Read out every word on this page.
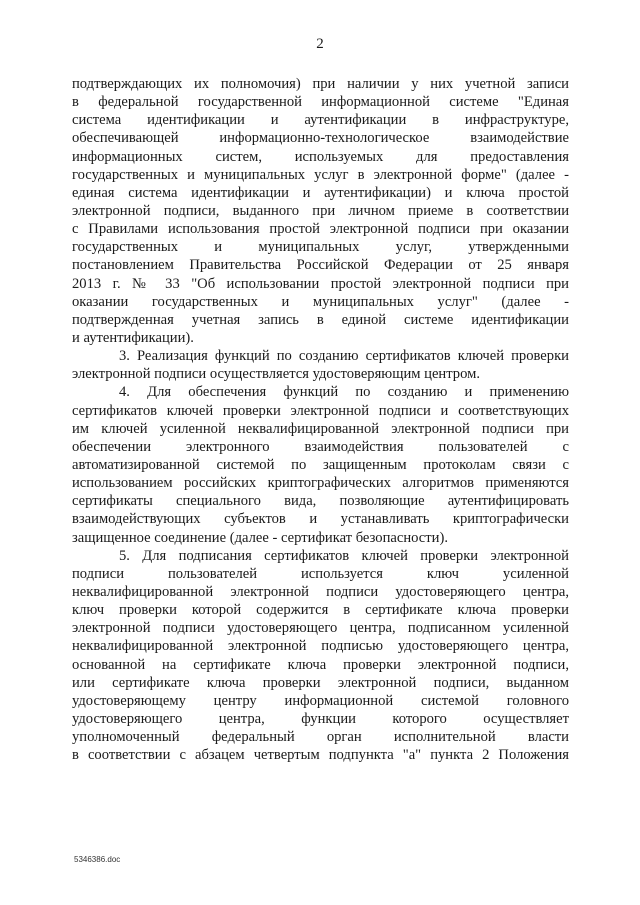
2
подтверждающих их полномочия) при наличии у них учетной записи
в федеральной государственной информационной системе "Единая
система идентификации и аутентификации в инфраструктуре,
обеспечивающей информационно-технологическое взаимодействие
информационных систем, используемых для предоставления
государственных и муниципальных услуг в электронной форме" (далее -
единая система идентификации и аутентификации) и ключа простой
электронной подписи, выданного при личном приеме в соответствии
с Правилами использования простой электронной подписи при оказании
государственных и муниципальных услуг, утвержденными
постановлением Правительства Российской Федерации от 25 января
2013 г. № 33 "Об использовании простой электронной подписи при
оказании государственных и муниципальных услуг" (далее -
подтвержденная учетная запись в единой системе идентификации
и аутентификации).
3. Реализация функций по созданию сертификатов ключей проверки
электронной подписи осуществляется удостоверяющим центром.
4. Для обеспечения функций по созданию и применению
сертификатов ключей проверки электронной подписи и соответствующих
им ключей усиленной неквалифицированной электронной подписи при
обеспечении электронного взаимодействия пользователей с
автоматизированной системой по защищенным протоколам связи с
использованием российских криптографических алгоритмов применяются
сертификаты специального вида, позволяющие аутентифицировать
взаимодействующих субъектов и устанавливать криптографически
защищенное соединение (далее - сертификат безопасности).
5. Для подписания сертификатов ключей проверки электронной
подписи пользователей используется ключ усиленной
неквалифицированной электронной подписи удостоверяющего центра,
ключ проверки которой содержится в сертификате ключа проверки
электронной подписи удостоверяющего центра, подписанном усиленной
неквалифицированной электронной подписью удостоверяющего центра,
основанной на сертификате ключа проверки электронной подписи,
или сертификате ключа проверки электронной подписи, выданном
удостоверяющему центру информационной системой головного
удостоверяющего центра, функции которого осуществляет
уполномоченный федеральный орган исполнительной власти
в соответствии с абзацем четвертым подпункта "а" пункта 2 Положения
5346386.doc
